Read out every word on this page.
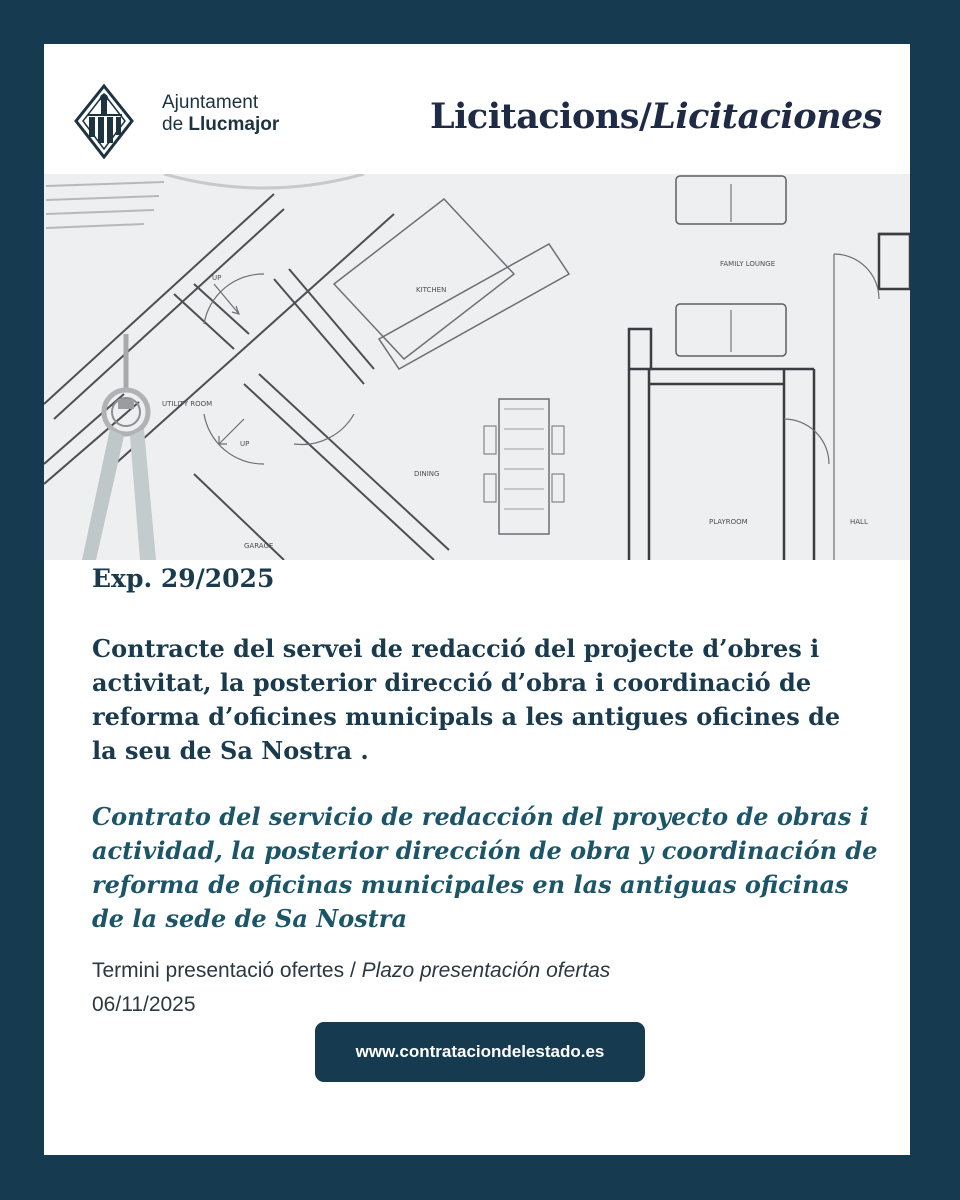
Ajuntament
de Llucmajor	Licitacions/Licitaciones
FAMILY LOUNGE
KITCHEN
UTILITY ROOM
DINING
PLAYROOM	HALL
GARAGE
UP
UP
Exp. 29/2025
Contracte del servei de redacció del projecte d’obres i activitat, la posterior direcció d’obra i coordinació de reforma d’oficines municipals a les antigues oficines de la seu de Sa Nostra .
Contrato del servicio de redacción del proyecto de obras i actividad, la posterior dirección de obra y coordinación de reforma de oficinas municipales en las antiguas oficinas de la sede de Sa Nostra
Termini presentació ofertes / Plazo presentación ofertas
06/11/2025
www.contrataciondelestado.es
